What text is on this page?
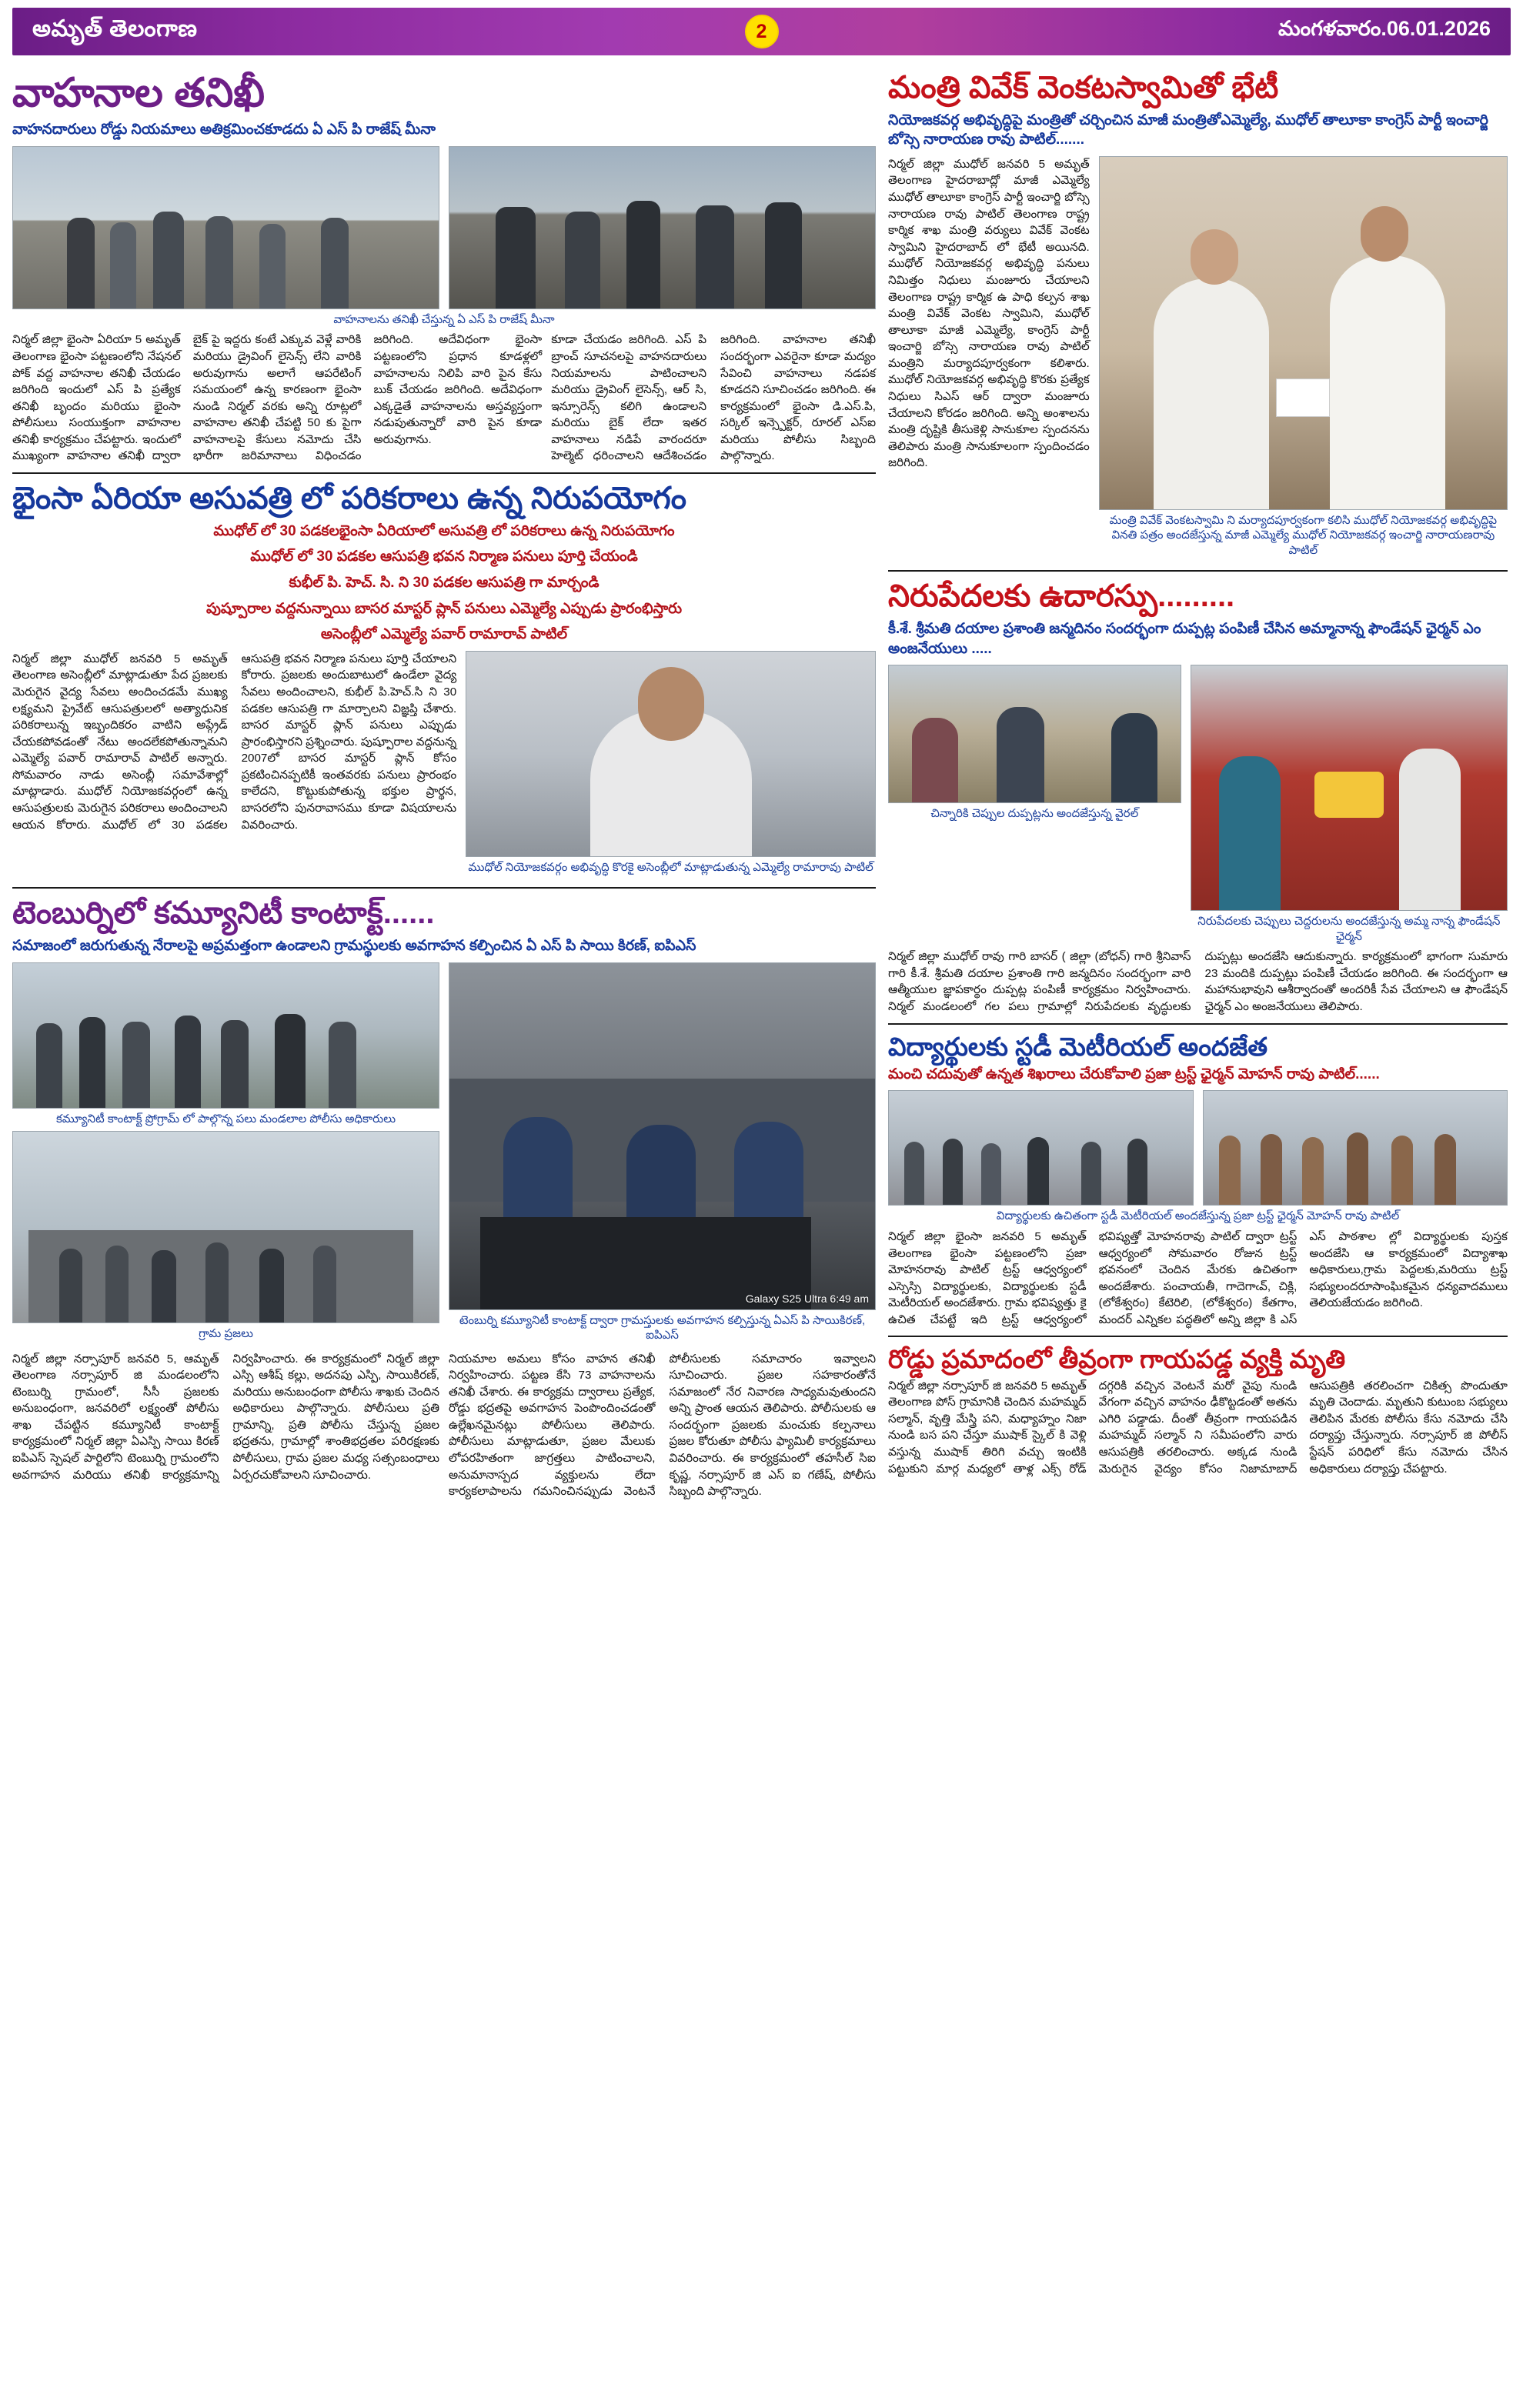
అమృత్ తెలంగాణ	2	మంగళవారం.06.01.2026
వాహనాల తనిఖీ
వాహనదారులు రోడ్డు నియమాలు అతిక్రమించకూడదు ఏ ఎస్ పి రాజేష్ మీనా
వాహనాలను తనిఖీ చేస్తున్న ఏ ఎస్ పి రాజేష్ మీనా
నిర్మల్ జిల్లా భైంసా ఏరియా 5 అమృత్ తెలంగాణ భైంసా పట్టణంలోని నేషనల్ పోక్ వద్ద వాహనాల తనిఖీ చేయడం జరిగింది ఇందులో ఎస్ పి ప్రత్యేక తనిఖీ బృందం మరియు భైంసా పోలీసులు సంయుక్తంగా వాహనాల తనిఖీ కార్యక్రమం చేపట్టారు. ఇందులో ముఖ్యంగా వాహనాల తనిఖీ ద్వారా బైక్ పై ఇద్దరు కంటే ఎక్కువ వెళ్లే వారికి మరియు డ్రైవింగ్ లైసెన్స్ లేని వారికి అరువుగాను అలాగే ఆపరేటింగ్ సమయంలో ఉన్న కారణంగా భైంసా నుండి నిర్మల్ వరకు అన్ని రూట్లలో వాహనాల తనిఖీ చేపట్టి 50 కు పైగా వాహనాలపై కేసులు నమోదు చేసి భారీగా జరిమానాలు విధించడం జరిగింది. అదేవిధంగా భైంసా పట్టణంలోని ప్రధాన కూడళ్లలో వాహనాలను నిలిపి వారి పైన కేసు బుక్ చేయడం జరిగింది. అదేవిధంగా ఎక్కడైతే వాహనాలను అస్తవ్యస్తంగా నడుపుతున్నారో వారి పైన కూడా అరువుగాను.
కూడా చేయడం జరిగింది. ఎస్ పి బ్రాంచ్ సూచనలపై వాహనదారులు నియమాలను పాటించాలని మరియు డ్రైవింగ్ లైసెన్స్, ఆర్ సి, ఇన్సూరెన్స్ కలిగి ఉండాలని మరియు బైక్ లేదా ఇతర వాహనాలు నడిపే వారందరూ హెల్మెట్ ధరించాలని ఆదేశించడం జరిగింది. వాహనాల తనిఖీ సందర్భంగా ఎవరైనా కూడా మద్యం సేవించి వాహనాలు నడపక కూడదని సూచించడం జరిగింది. ఈ కార్యక్రమంలో భైంసా డి.ఎస్.పి, సర్కిల్ ఇన్స్పెక్టర్, రూరల్ ఎస్ఐ మరియు పోలీసు సిబ్బంది పాల్గొన్నారు.
భైంసా ఏరియా అసువత్రి లో పరికరాలు ఉన్న నిరుపయోగం
ముధోల్ లో 30 పడకలభైంసా ఏరియాలో అసువత్రి లో పరికరాలు ఉన్న నిరుపయోగం
ముధోల్ లో 30 పడకల ఆసుపత్రి భవన నిర్మాణ పనులు పూర్తి చేయండి
కుభీల్ పి. హెచ్. సి. ని 30 పడకల ఆసుపత్రి గా మార్చండి
పుష్పూరాల వద్దనున్నాయి బాసర మాస్టర్ ప్లాన్ పనులు ఎమ్మెల్యే ఎప్పుడు ప్రారంభిస్తారు
అసెంబ్లీలో ఎమ్మెల్యే పవార్ రామారావ్ పాటిల్
నిర్మల్ జిల్లా ముధోల్ జనవరి 5 అమృత్ తెలంగాణ అసెంబ్లీలో మాట్లాడుతూ పేద ప్రజలకు మెరుగైన వైద్య సేవలు అందించడమే ముఖ్య లక్ష్యమని ప్రైవేట్ ఆసుపత్రులలో అత్యాధునిక పరికరాలున్న ఇబ్బందికరం వాటిని అప్గ్రేడ్ చేయకపోవడంతో నేటు అందలేకపోతున్నామని ఎమ్మెల్యే పవార్ రామారావ్ పాటిల్ అన్నారు. సోమవారం నాడు అసెంబ్లీ సమావేశాల్లో మాట్లాడారు. ముధోల్ నియోజకవర్గంలో ఉన్న ఆసుపత్రులకు మెరుగైన పరికరాలు అందించాలని ఆయన కోరారు. ముధోల్ లో 30 పడకల ఆసుపత్రి భవన నిర్మాణ పనులు పూర్తి చేయాలని కోరారు. ప్రజలకు అందుబాటులో ఉండేలా వైద్య సేవలు అందించాలని, కుభీల్ పి.హెచ్.సి ని 30 పడకల ఆసుపత్రి గా మార్చాలని విజ్ఞప్తి చేశారు. బాసర మాస్టర్ ప్లాన్ పనులు ఎప్పుడు ప్రారంభిస్తారని ప్రశ్నించారు. పుష్పూరాల వద్దనున్న 2007లో బాసర మాస్టర్ ప్లాన్ కోసం ప్రకటించినప్పటికీ ఇంతవరకు పనులు ప్రారంభం కాలేదని, కొట్టుకుపోతున్న భక్తుల ప్రార్థన, బాసరలోని పునరావాసము కూడా విషయాలను వివరించారు.
ముధోల్ నియోజకవర్గం అభివృద్ధి కొరకై అసెంబ్లీలో మాట్లాడుతున్న ఎమ్మెల్యే రామారావు పాటిల్
టెంబుర్నిలో కమ్యూనిటీ కాంటాక్ట్......
సమాజంలో జరుగుతున్న నేరాలపై అప్రమత్తంగా ఉండాలని గ్రామస్థులకు అవగాహన కల్పించిన ఏ ఎస్ పి సాయి కిరణ్, ఐపిఎస్
కమ్యూనిటీ కాంటాక్ట్ ప్రోగ్రామ్ లో పాల్గొన్న పలు మండలాల పోలీసు అధికారులు
గ్రామ ప్రజలు
Galaxy S25 Ultra 6:49 am
టెంబుర్ని కమ్యూనిటీ కాంటాక్ట్ ద్వారా గ్రామస్తులకు అవగాహన కల్పిస్తున్న ఏఎస్ పి సాయికిరణ్, ఐపిఎస్
నిర్మల్ జిల్లా నర్సాపూర్ జనవరి 5, ఆమృత్ తెలంగాణ నర్సాపూర్ జి మండలంలోని టెంబుర్ని గ్రామంలో, సీసీ ప్రజలకు అనుబంధంగా, జనవరిలో లక్ష్యంతో పోలీసు శాఖ చేపట్టిన కమ్యూనిటీ కాంటాక్ట్ కార్యక్రమంలో నిర్మల్ జిల్లా ఏఎస్పి సాయి కిరణ్ ఐపిఎస్ స్పెషల్ పార్టిలోని టెంబుర్ని గ్రామంలోని అవగాహన మరియు తనిఖీ కార్యక్రమాన్ని నిర్వహించారు. ఈ కార్యక్రమంలో నిర్మల్ జిల్లా ఎస్సి ఆశీష్ కల్లు, అదనపు ఎస్పి, సాయికిరణ్, మరియు అనుబంధంగా పోలీసు శాఖకు చెందిన అధికారులు పాల్గొన్నారు. పోలీసులు ప్రతి గ్రామాన్ని, ప్రతి పోలీసు చేస్తున్న ప్రజల భద్రతను, గ్రామాల్లో శాంతిభద్రతల పరిరక్షణకు పోలీసులు, గ్రామ ప్రజల మధ్య సత్సంబంధాలు ఏర్పరచుకోవాలని సూచించారు.
నియమాల అమలు కోసం వాహన తనిఖీ నిర్వహించారు. పట్టణ కేసి 73 వాహనాలను తనిఖీ చేశారు. ఈ కార్యక్రమ ద్వారాలు ప్రత్యేక, రోడ్డు భద్రతపై అవగాహన పెంపొందించడంతో ఉల్లేఖనమైనట్లు పోలీసులు తెలిపారు. పోలీసులు మాట్లాడుతూ, ప్రజల మేలుకు లోపరహితంగా జాగ్రత్తలు పాటించాలని, అనుమానాస్పద వ్యక్తులను లేదా కార్యకలాపాలను గమనించినప్పుడు వెంటనే పోలీసులకు సమాచారం ఇవ్వాలని సూచించారు. ప్రజల సహకారంతోనే సమాజంలో నేర నివారణ సాధ్యమవుతుందని అన్ని ప్రాంత ఆయన తెలిపారు. పోలీసులకు ఆ సందర్భంగా ప్రజలకు మంచుకు కల్పనాలు ప్రజల కోరుతూ పోలీసు ఫ్యామిలీ కార్యక్రమాలు వివరించారు. ఈ కార్యక్రమంలో తహసీల్ సిఐ కృష్ణ, నర్సాపూర్ జి ఎస్ ఐ గణేష్, పోలీసు సిబ్బంది పాల్గొన్నారు.
మంత్రి వివేక్ వెంకటస్వామితో భేటీ
నియోజకవర్గ అభివృద్ధిపై మంత్రితో చర్చించిన మాజీ మంత్రితోఎమ్మెల్యే, ముధోల్ తాలూకా కాంగ్రెస్ పార్టీ ఇంచార్జి బోస్సె నారాయణ రావు పాటిల్.......
నిర్మల్ జిల్లా ముధోల్ జనవరి 5 అమృత్ తెలంగాణ హైదరాబాద్లో మాజీ ఎమ్మెల్యే ముధోల్ తాలూకా కాంగ్రెస్ పార్టీ ఇంచార్జి బోస్సె నారాయణ రావు పాటిల్ తెలంగాణ రాష్ట్ర కార్మిక శాఖ మంత్రి వర్యులు వివేక్ వెంకట స్వామిని హైదరాబాద్ లో భేటీ అయినది. ముధోల్ నియోజకవర్గ అభివృద్ధి పనులు నిమిత్తం నిధులు మంజూరు చేయాలని తెలంగాణ రాష్ట్ర కార్మిక ఉ పాధి కల్పన శాఖ మంత్రి వివేక్ వెంకట స్వామిని, ముధోల్ తాలూకా మాజీ ఎమ్మెల్యే, కాంగ్రెస్ పార్టీ ఇంచార్జి బోస్సె నారాయణ రావు పాటిల్ మంత్రిని మర్యాదపూర్వకంగా కలిశారు. ముధోల్ నియోజకవర్గ అభివృద్ధి కొరకు ప్రత్యేక నిధులు సిఎస్ ఆర్ ద్వారా మంజూరు చేయాలని కోరడం జరిగింది. అన్ని అంశాలను మంత్రి దృష్టికి తీసుకెళ్లి సానుకూల స్పందనను తెలిపారు మంత్రి సానుకూలంగా స్పందించడం జరిగింది.
మంత్రి వివేక్ వెంకటస్వామి ని మర్యాదపూర్వకంగా కలిసి ముధోల్ నియోజకవర్గ అభివృద్ధిపై వినతి పత్రం అందజేస్తున్న మాజీ ఎమ్మెల్యే ముధోల్ నియోజకవర్గ ఇంచార్జి నారాయణరావు పాటిల్
నిరుపేదలకు ఉదారస్పు.........
కీ.శే. శ్రీమతి దయాల ప్రశాంతి జన్మదినం సందర్భంగా దుప్పట్ల పంపిణీ చేసిన అమ్మానాన్న ఫౌండేషన్ ఛైర్మన్ ఎం అంజనేయులు .....
చిన్నారికి చెప్పుల దుప్పట్లను అందజేస్తున్న వైరల్
నిరుపేదలకు చెప్పులు చెద్దరులను అందజేస్తున్న అమ్మ నాన్న ఫౌండేషన్ ఛైర్మన్
నిర్మల్ జిల్లా ముధోల్ రావు గారి బాసర్ ( జిల్లా (బోధన్) గారి శ్రీనివాస్ గారి కీ.శే. శ్రీమతి దయాల ప్రశాంతి గారి జన్మదినం సందర్భంగా వారి ఆత్మీయుల జ్ఞాపకార్థం దుప్పట్ల పంపిణీ కార్యక్రమం నిర్వహించారు. నిర్మల్ మండలంలో గల పలు గ్రామాల్లో నిరుపేదలకు వృద్ధులకు దుప్పట్లు అందజేసి ఆదుకున్నారు. కార్యక్రమంలో భాగంగా సుమారు 23 మందికి దుప్పట్లు పంపిణీ చేయడం జరిగింది. ఈ సందర్భంగా ఆ మహానుభావుని ఆశీర్వాదంతో అందరికీ సేవ చేయాలని ఆ ఫౌండేషన్ ఛైర్మన్ ఎం అంజనేయులు తెలిపారు.
విద్యార్థులకు స్టడీ మెటీరియల్ అందజేత
మంచి చదువుతో ఉన్నత శిఖరాలు చేరుకోవాలి ప్రజా ట్రస్ట్ ఛైర్మన్ మోహన్ రావు పాటిల్......
విద్యార్థులకు ఉచితంగా స్టడీ మెటీరియల్ అందజేస్తున్న ప్రజా ట్రస్ట్ ఛైర్మన్ మోహన్ రావు పాటిల్
నిర్మల్ జిల్లా భైంసా జనవరి 5 అమృత్ తెలంగాణ భైంసా పట్టణంలోని ప్రజా మోహనరావు పాటిల్ ట్రస్ట్ ఆధ్వర్యంలో ఎస్సెస్సి విద్యార్థులకు, విద్యార్థులకు స్టడీ మెటీరియల్ అందజేశారు. గ్రామ భవిష్యత్తు కై ఉచిత చేపట్టే ఇది ట్రస్ట్ ఆధ్వర్యంలో భవిష్యత్తో మోహనరావు పాటిల్ ద్వారా ట్రస్ట్ ఆధ్వర్యంలో సోమవారం రోజున ట్రస్ట్ భవనంలో చెందిన మేరకు ఉచితంగా అందజేశారు. పంచాయతీ, గాదెగాఁవ్, చిక్లి, (లోకేశ్వరం) కేటెరిలి, (లోకేశ్వరం) కేతగాం, మందర్ ఎన్నికల పద్ధతిలో అన్ని జిల్లా కి ఎస్ ఎస్ పాఠశాల ల్లో విద్యార్థులకు పుస్తక అందజేసి ఆ కార్యక్రమంలో విద్యాశాఖ అధికారులు,గ్రామ పెద్దలకు,మరియు ట్రస్ట్ సభ్యులందరూసాంఘికమైన ధన్యవాదములు తెలియజేయడం జరిగింది.
రోడ్డు ప్రమాదంలో తీవ్రంగా గాయపడ్డ వ్యక్తి మృతి
నిర్మల్ జిల్లా నర్సాపూర్ జి జనవరి 5 అమృత్ తెలంగాణ పోస్ గ్రామానికి చెందిన మహమ్మద్ సల్మాన్, వృత్తి మేస్త్రి పని, మధ్యాహ్నం నిజా నుండి బస పని చేస్తూ ముషాక్ స్కైల్ కి వెళ్లి వస్తున్న ముషాక్ తిరిగి వచ్చు ఇంటికి పట్టుకుని మార్గ మధ్యలో తాళ్ల ఎక్స్ రోడ్ దగ్గరికి వచ్చిన వెంటనే మరో వైపు నుండి వేగంగా వచ్చిన వాహనం ఢీకొట్టడంతో అతను ఎగిరి పడ్డాడు. దీంతో తీవ్రంగా గాయపడిన మహమ్మద్ సల్మాన్ ని సమీపంలోని వారు ఆసుపత్రికి తరలించారు. అక్కడ నుండి మెరుగైన వైద్యం కోసం నిజామాబాద్ ఆసుపత్రికి తరలించగా చికిత్స పొందుతూ మృతి చెందాడు. మృతుని కుటుంబ సభ్యులు తెలిపిన మేరకు పోలీసు కేసు నమోదు చేసి దర్యాప్తు చేస్తున్నారు. నర్సాపూర్ జి పోలీస్ స్టేషన్ పరిధిలో కేసు నమోదు చేసిన అధికారులు దర్యాప్తు చేపట్టారు.
